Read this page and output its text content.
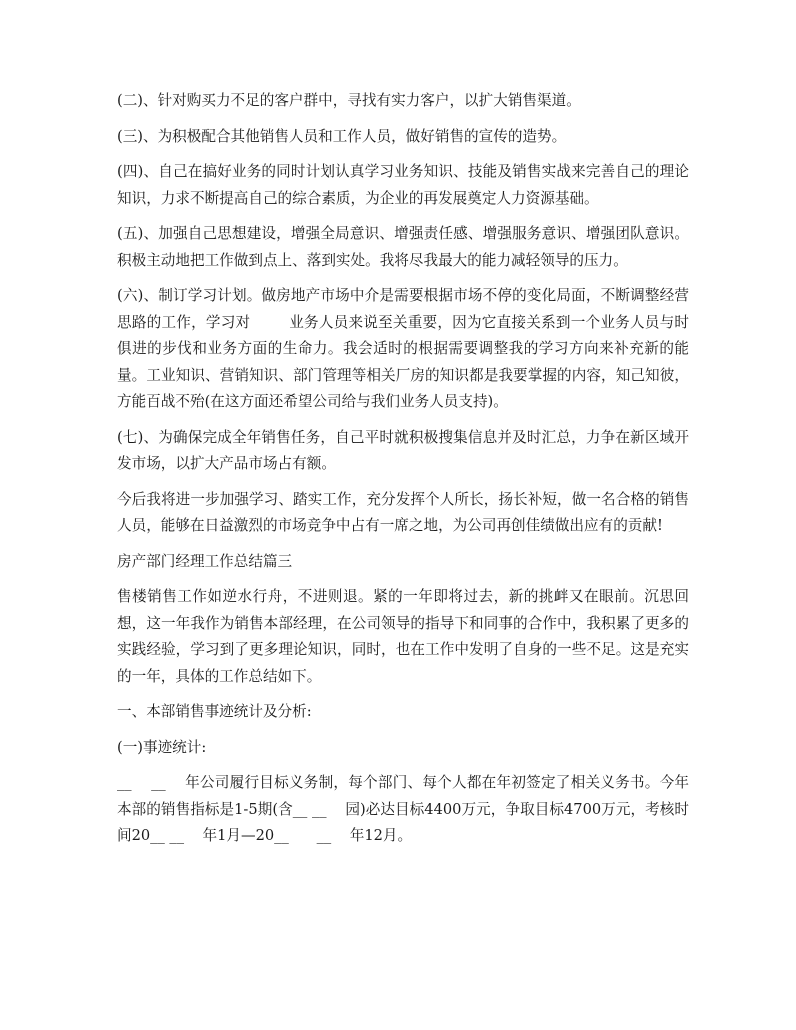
(二)、针对购买力不足的客户群中，寻找有实力客户，以扩大销售渠道。

(三)、为积极配合其他销售人员和工作人员，做好销售的宣传的造势。

(四)、自己在搞好业务的同时计划认真学习业务知识、技能及销售实战来完善自己的理论知识，力求不断提高自己的综合素质，为企业的再发展奠定人力资源基础。

(五)、加强自己思想建设，增强全局意识、增强责任感、增强服务意识、增强团队意识。积极主动地把工作做到点上、落到实处。我将尽我最大的能力减轻领导的压力。

(六)、制订学习计划。做房地产市场中介是需要根据市场不停的变化局面，不断调整经营思路的工作，学习对        业务人员来说至关重要，因为它直接关系到一个业务人员与时俱进的步伐和业务方面的生命力。我会适时的根据需要调整我的学习方向来补充新的能量。工业知识、营销知识、部门管理等相关厂房的知识都是我要掌握的内容，知己知彼，方能百战不殆(在这方面还希望公司给与我们业务人员支持)。

(七)、为确保完成全年销售任务，自己平时就积极搜集信息并及时汇总，力争在新区域开发市场，以扩大产品市场占有额。

今后我将进一步加强学习、踏实工作，充分发挥个人所长，扬长补短，做一名合格的销售人员，能够在日益激烈的市场竞争中占有一席之地，为公司再创佳绩做出应有的贡献!

房产部门经理工作总结篇三

售楼销售工作如逆水行舟，不进则退。紧的一年即将过去，新的挑衅又在眼前。沉思回想，这一年我作为销售本部经理，在公司领导的指导下和同事的合作中，我积累了更多的实践经验，学习到了更多理论知识，同时，也在工作中发明了自身的一些不足。这是充实的一年，具体的工作总结如下。

一、本部销售事迹统计及分析:

(一)事迹统计:

__    __    年公司履行目标义务制，每个部门、每个人都在年初签定了相关义务书。今年本部的销售指标是1-5期(含__ __    园)必达目标4400万元，争取目标4700万元，考核时间20__ __    年1月—20__      __    年12月。
